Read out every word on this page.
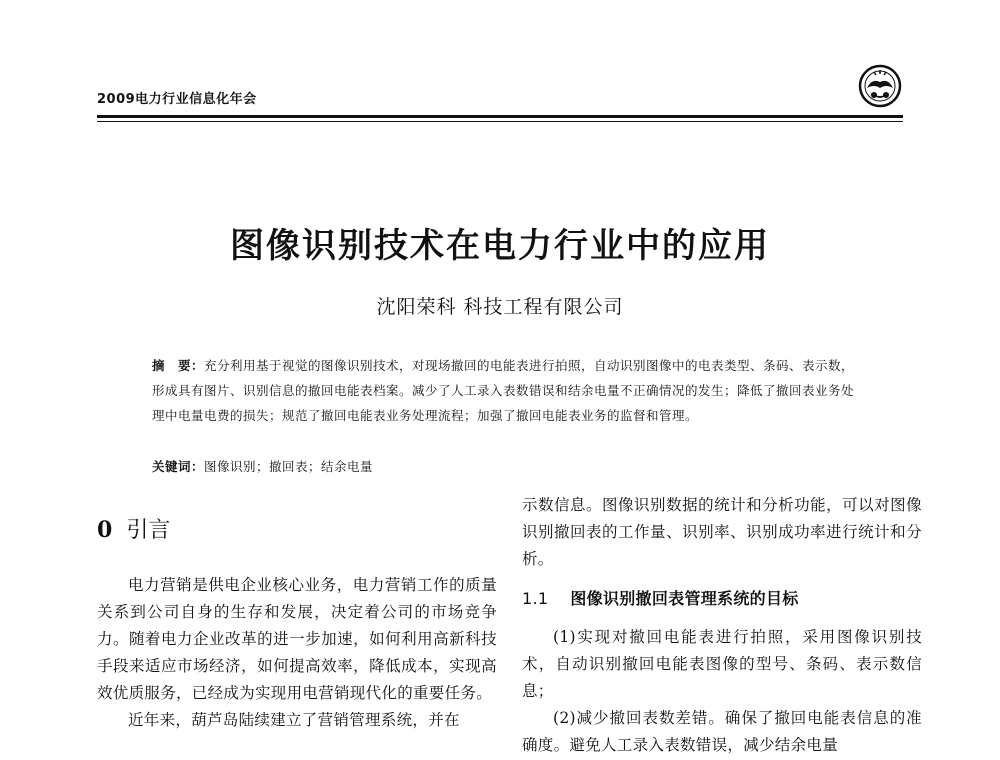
2009电力行业信息化年会

图像识别技术在电力行业中的应用

沈阳荣科 科技工程有限公司

摘　要：充分利用基于视觉的图像识别技术，对现场撤回的电能表进行拍照，自动识别图像中的电表类型、条码、表示数，形成具有图片、识别信息的撤回电能表档案。减少了人工录入表数错误和结余电量不正确情况的发生；降低了撤回表业务处理中电量电费的损失；规范了撤回电能表业务处理流程；加强了撤回电能表业务的监督和管理。

关键词：图像识别；撤回表；结余电量

0 引言

电力营销是供电企业核心业务，电力营销工作的质量关系到公司自身的生存和发展，决定着公司的市场竞争力。随着电力企业改革的进一步加速，如何利用高新科技手段来适应市场经济，如何提高效率，降低成本，实现高效优质服务，已经成为实现用电营销现代化的重要任务。

近年来，葫芦岛陆续建立了营销管理系统，并在

示数信息。图像识别数据的统计和分析功能，可以对图像识别撤回表的工作量、识别率、识别成功率进行统计和分析。

1.1 图像识别撤回表管理系统的目标

(1)实现对撤回电能表进行拍照，采用图像识别技术，自动识别撤回电能表图像的型号、条码、表示数信息；

(2)减少撤回表数差错。确保了撤回电能表信息的准确度。避免人工录入表数错误，减少结余电量
